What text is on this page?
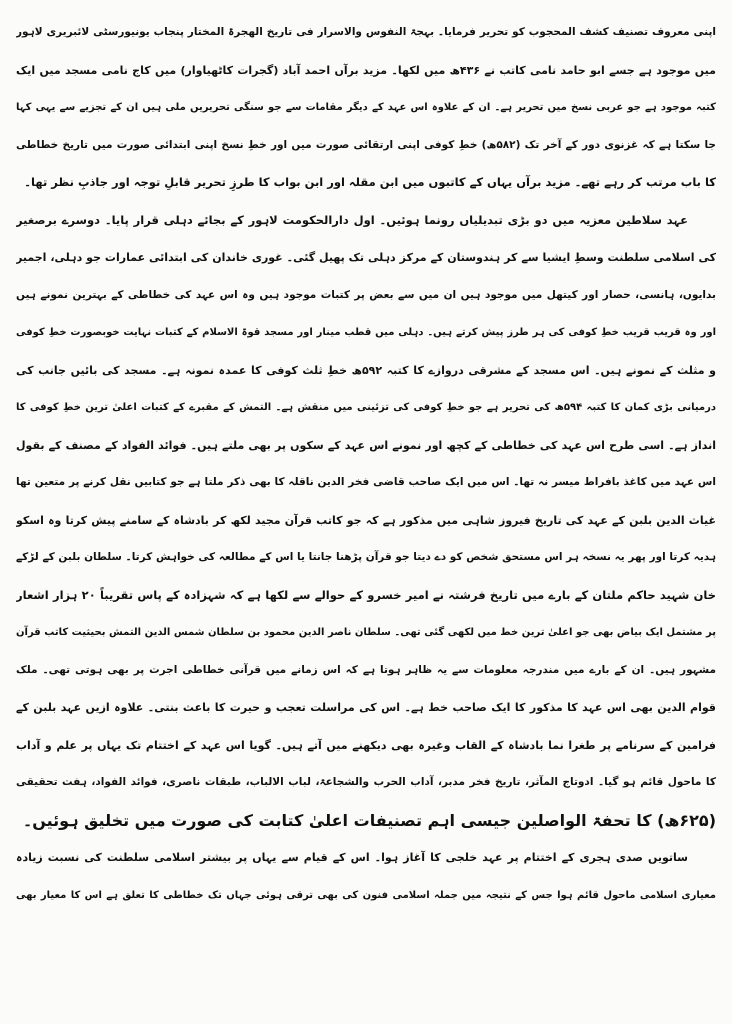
اپنی معروف تصنیف کشف المحجوب کو تحریر فرمایا۔ بہجۃ النفوس والاسرار فی تاریخ الھجرۃ المختار پنجاب یونیورسٹی لائبریری لاہور
میں موجود ہے جسے ابو حامد نامی کاتب نے ۴۳۶ھ میں لکھا۔ مزید برآں احمد آباد (گجرات کاٹھیاوار) میں کاج نامی مسجد میں ایک
کتبہ موجود ہے جو عربی نسخ میں تحریر ہے۔ ان کے علاوہ اس عہد کے دیگر مقامات سے جو سنگی تحریریں ملی ہیں ان کے تجزیے سے یہی کہا
جا سکتا ہے کہ غزنوی دور کے آخر تک (۵۸۲ھ) خطِ کوفی اپنی ارتقائی صورت میں اور خطِ نسخ اپنی ابتدائی صورت میں تاریخ خطاطی
کا باب مرتب کر رہے تھے۔ مزید برآں یہاں کے کاتبوں میں ابن مقلہ اور ابن بواب کا طرزِ تحریر قابلِ توجہ اور جاذبِ نظر تھا۔
عہد سلاطین معزیہ میں دو بڑی تبدیلیاں رونما ہوئیں۔ اول دارالحکومت لاہور کے بجائے دہلی قرار پایا۔ دوسرے برصغیر
کی اسلامی سلطنت وسطِ ایشیا سے کر ہندوستان کے مرکز دہلی تک پھیل گئی۔ غوری خاندان کی ابتدائی عمارات جو دہلی، اجمیر
بدایوں، ہانسی، حصار اور کیتھل میں موجود ہیں ان میں سے بعض پر کتبات موجود ہیں وہ اس عہد کی خطاطی کے بہترین نمونے ہیں
اور وہ قریب قریب خطِ کوفی کی ہر طرز پیش کرتے ہیں۔ دہلی میں قطب مینار اور مسجد قوۃ الاسلام کے کتبات نہایت خوبصورت خطِ کوفی
و مثلث کے نمونے ہیں۔ اس مسجد کے مشرقی دروازے کا کتبہ ۵۹۲ھ خطِ ثلث کوفی کا عمدہ نمونہ ہے۔ مسجد کی بائیں جانب کی
درمیانی بڑی کمان کا کتبہ ۵۹۴ھ کی تحریر ہے جو خطِ کوفی کی تزئینی میں منقش ہے۔ التمش کے مقبرے کے کتبات اعلیٰ ترین خطِ کوفی کا
انداز ہے۔ اسی طرح اس عہد کی خطاطی کے کچھ اور نمونے اس عہد کے سکوں پر بھی ملتے ہیں۔ فوائد الفواد کے مصنف کے بقول
اس عہد میں کاغذ بافراط میسر نہ تھا۔ اس میں ایک صاحب قاضی فخر الدین ناقلہ کا بھی ذکر ملتا ہے جو کتابیں نقل کرنے پر متعین تھا
غیاث الدین بلبن کے عہد کی تاریخ فیروز شاہی میں مذکور ہے کہ جو کاتب قرآن مجید لکھ کر بادشاہ کے سامنے پیش کرتا وہ اسکو
ہدیہ کرتا اور پھر یہ نسخہ ہر اس مستحق شخص کو دے دیتا جو قرآن پڑھنا جانتا یا اس کے مطالعہ کی خواہش کرتا۔ سلطان بلبن کے لڑکے
خان شہید حاکم ملتان کے بارے میں تاریخ فرشتہ نے امیر خسرو کے حوالے سے لکھا ہے کہ شہزادہ کے پاس تقریباً ۲۰ ہزار اشعار
پر مشتمل ایک بیاض بھی جو اعلیٰ ترین خط میں لکھی گئی تھی۔ سلطان ناصر الدین محمود بن سلطان شمس الدین التمش بحیثیت کاتب قرآن
مشہور ہیں۔ ان کے بارے میں مندرجہ معلومات سے یہ ظاہر ہوتا ہے کہ اس زمانے میں قرآنی خطاطی اجرت پر بھی ہوتی تھی۔ ملک
قوام الدین بھی اس عہد کا مذکور کا ایک صاحب خط ہے۔ اس کی مراسلت تعجب و حیرت کا باعث بنتی۔ علاوہ ازیں عہد بلبن کے
فرامین کے سرنامے پر طغرا نما بادشاہ کے القاب وغیرہ بھی دیکھنے میں آتے ہیں۔ گویا اس عہد کے اختتام تک یہاں پر علم و آداب
کا ماحول قائم ہو گیا۔ ادوتاج المآثر، تاریخ فخر مدبر، آداب الحرب والشجاعۃ، لباب الالباب، طبقات ناصری، فوائد الفواد، ہفت تحقیقی
(۶۲۵ھ) کا تحفۃ الواصلین جیسی اہم تصنیفات اعلیٰ کتابت کی صورت میں تخلیق ہوئیں۔
ساتویں صدی ہجری کے اختتام پر عہد خلجی کا آغاز ہوا۔ اس کے قیام سے یہاں پر بیشتر اسلامی سلطنت کی نسبت زیادہ
معیاری اسلامی ماحول قائم ہوا جس کے نتیجہ میں جملہ اسلامی فنون کی بھی ترقی ہوئی جہاں تک خطاطی کا تعلق ہے اس کا معیار بھی
